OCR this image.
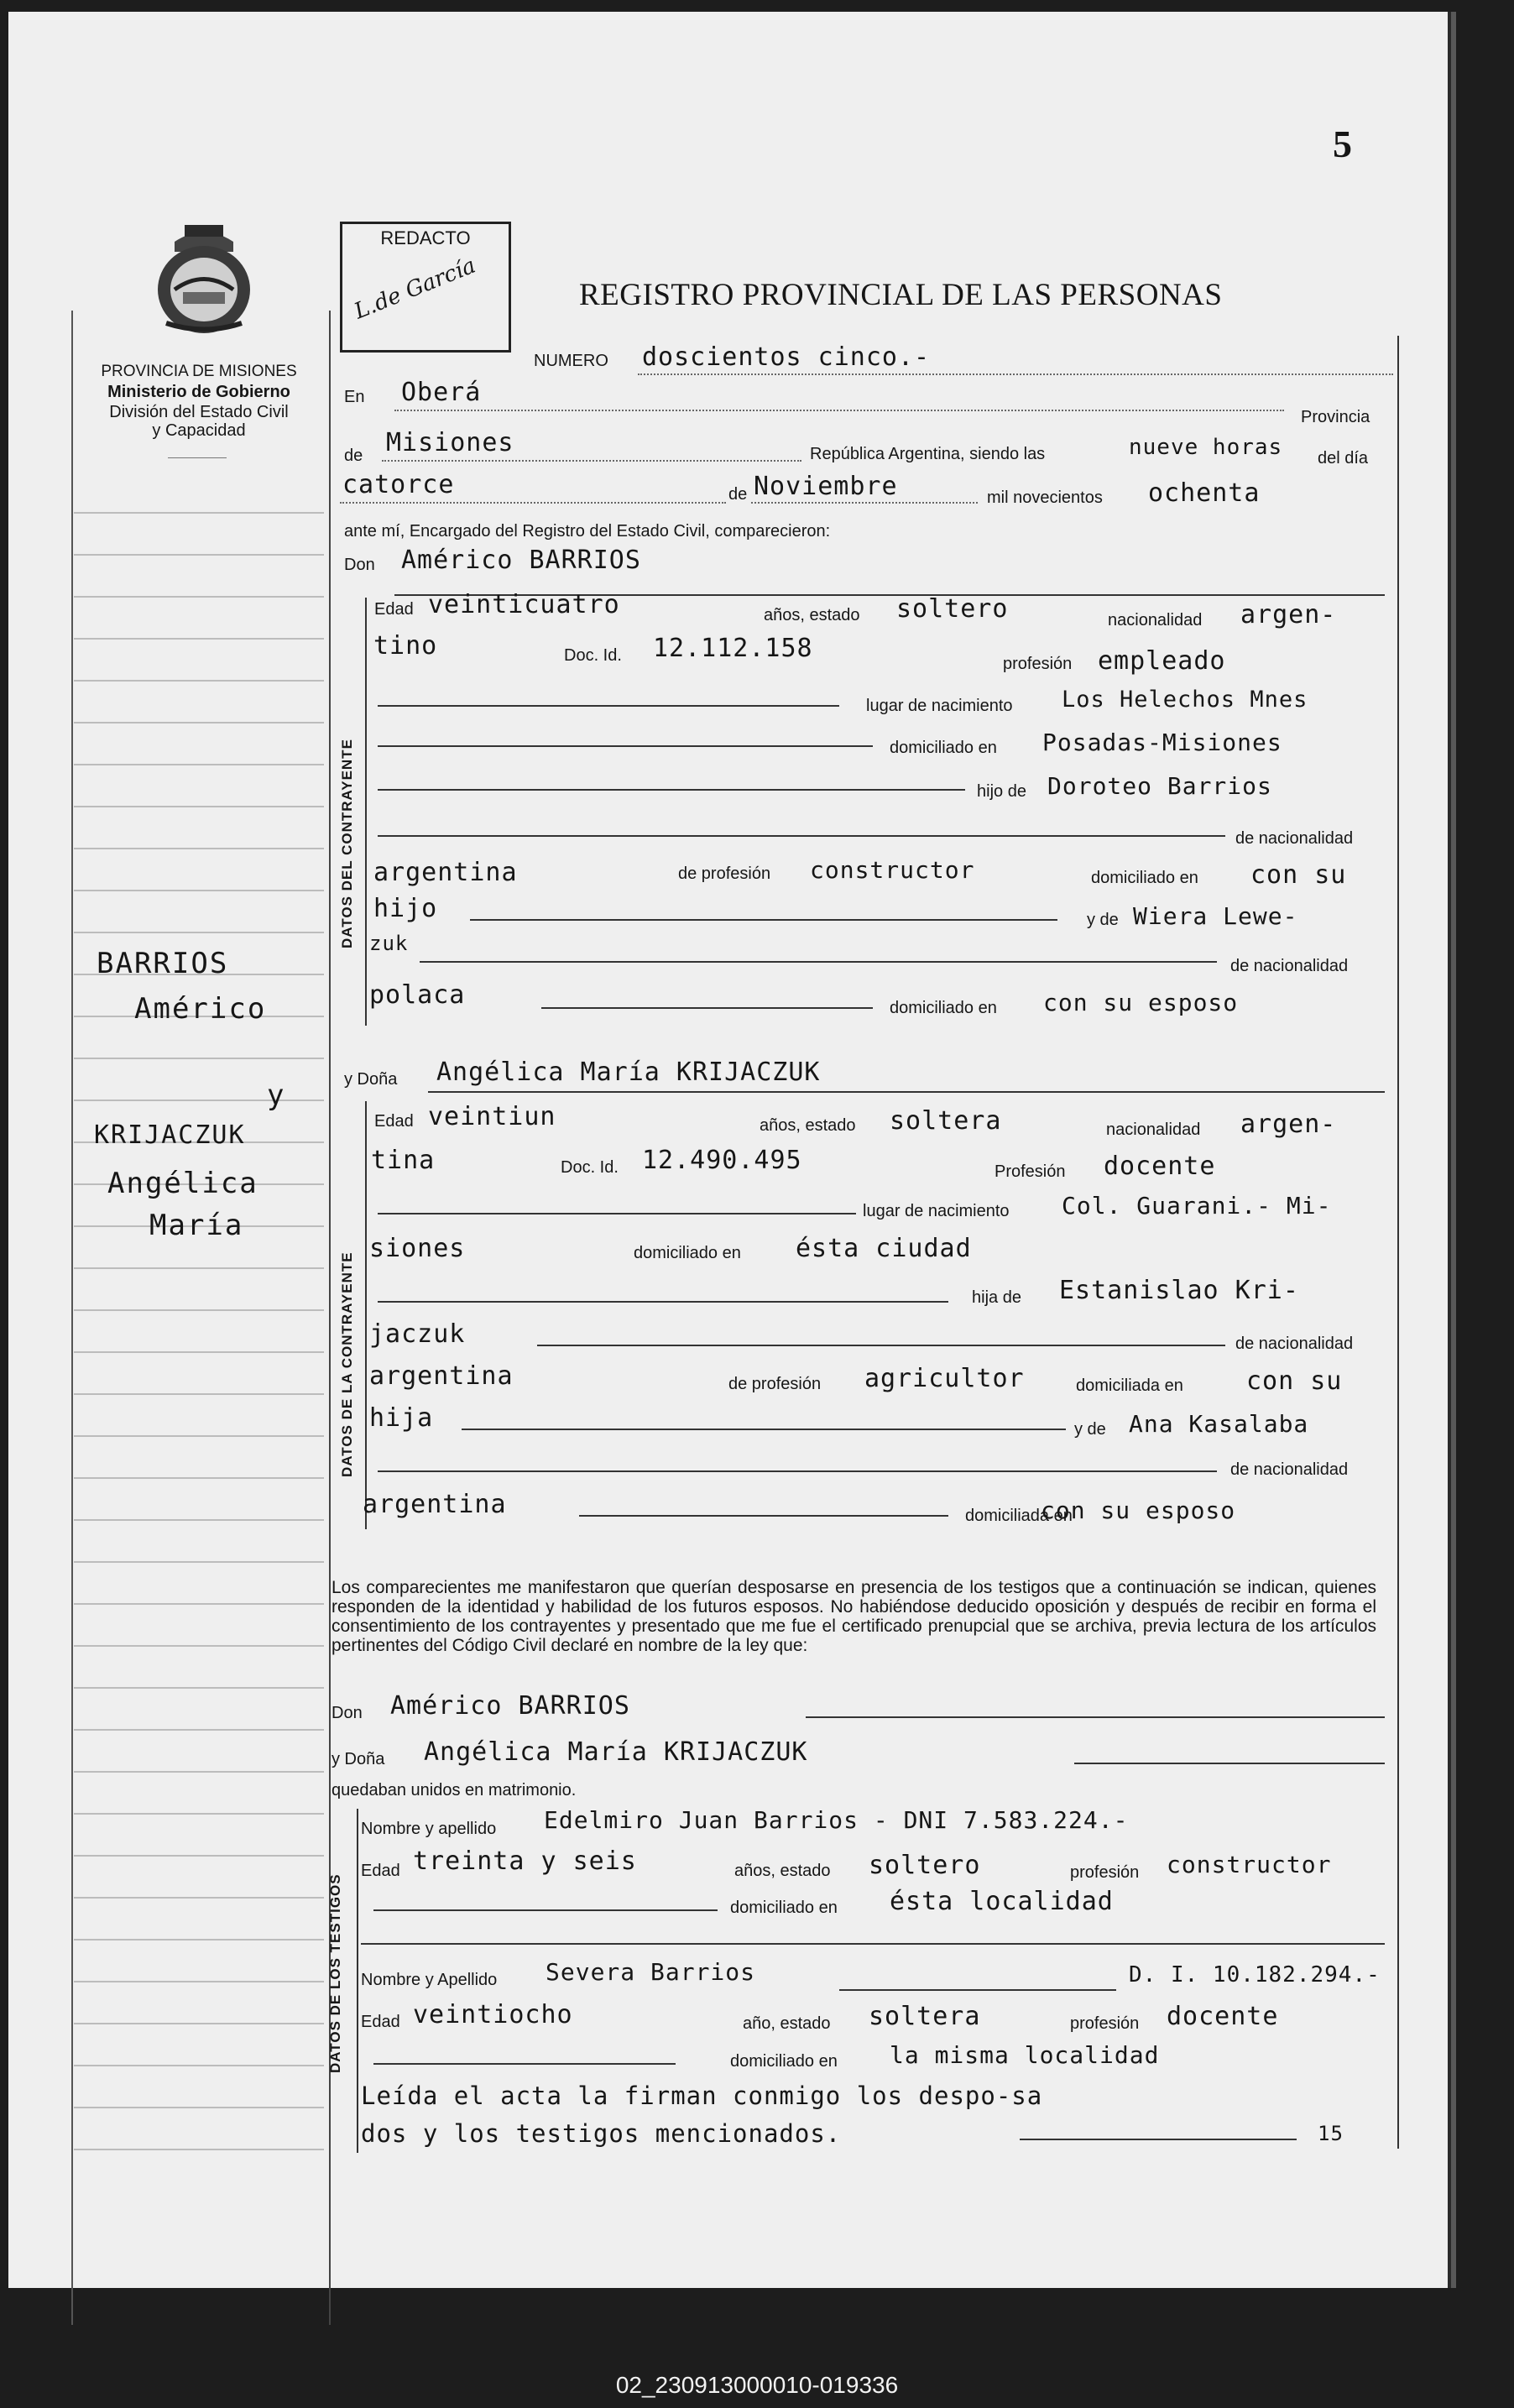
5
REDACTO
L.de García	REGISTRO PROVINCIAL DE LAS PERSONAS
PROVINCIA DE MISIONES
Ministerio de Gobierno
División del Estado Civil
y Capacidad
BARRIOS
Américo
y
KRIJACZUK
Angélica
María
NUMERO doscientos cinco.-
En Oberá
Provincia
de Misiones	República Argentina, siendo las	nueve horas del día
catorce	de Noviembre	mil novecientos ochenta
ante mí, Encargado del Registro del Estado Civil, comparecieron:
Don Américo BARRIOS
DATOS DEL CONTRAYENTE
Edad veinticuatro	años, estado soltero	nacionalidad argen-
tino	Doc. Id. 12.112.158
profesión empleado
lugar de nacimiento Los Helechos Mnes
domiciliado en Posadas-Misiones
hijo de Doroteo Barrios
de nacionalidad
argentina	de profesión constructor	domiciliado en con su
hijo	y de Wiera Lewe-
zuk
de nacionalidad
polaca	domiciliado en con su esposo
y Doña Angélica María KRIJACZUK
DATOS DE LA CONTRAYENTE
Edad veintiun	años, estado soltera	nacionalidad argen-
tina	Doc. Id. 12.490.495	Profesión docente
lugar de nacimiento Col. Guarani.- Mi-
siones	domiciliado en ésta ciudad
hija de Estanislao Kri-
jaczuk	de nacionalidad
argentina	de profesión agricultor	domiciliada en	con su
hija	y de Ana Kasalaba
de nacionalidad
argentina	domiciliada en
con su esposo
Los comparecientes me manifestaron que querían desposarse en presencia de los testigos que a continuación se indican, quienes responden de la identidad y habilidad de los futuros esposos. No habiéndose deducido oposición y después de recibir en forma el consentimiento de los contrayentes y presentado que me fue el certificado prenupcial que se archiva, previa lectura de los artículos pertinentes del Código Civil declaré en nombre de la ley que:
Don Américo BARRIOS
y Doña Angélica María KRIJACZUK
quedaban unidos en matrimonio.
DATOS DE LOS TESTIGOS
Nombre y apellido Edelmiro Juan Barrios - DNI 7.583.224.-
Edad treinta y seis	años, estado soltero	profesión constructor
domiciliado en ésta localidad
Nombre y Apellido Severa Barrios	D. I. 10.182.294.-
Edad veintiocho	año, estado soltera	profesión docente
domiciliado en la misma localidad
Leída el acta la firman conmigo los despo-sa
dos y los testigos mencionados.	15
02_230913000010-019336
